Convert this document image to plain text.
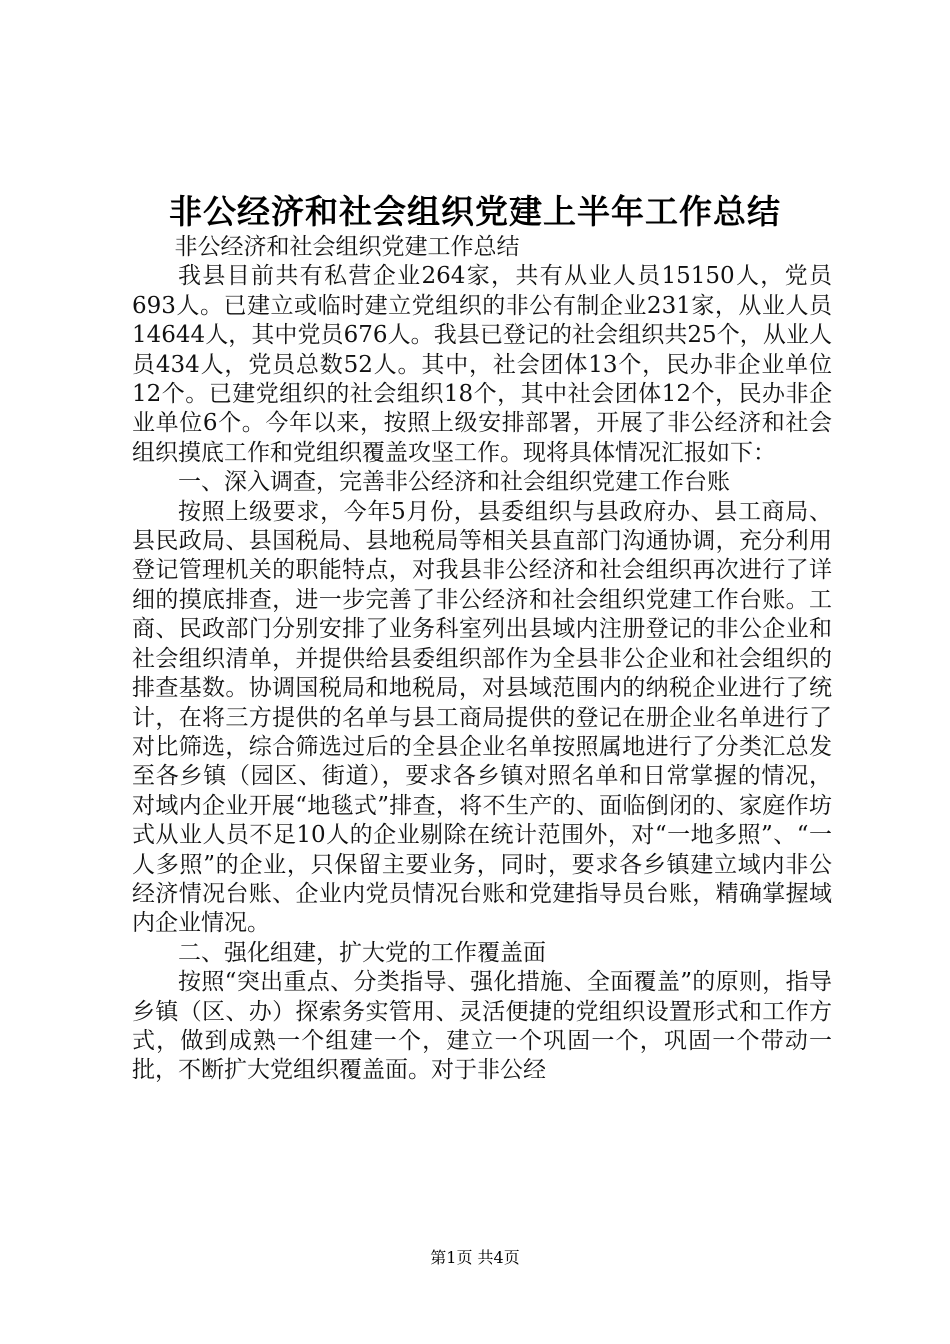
非公经济和社会组织党建上半年工作总结

非公经济和社会组织党建工作总结

我县目前共有私营企业264家，共有从业人员15150人，党员693人。已建立或临时建立党组织的非公有制企业231家，从业人员14644人，其中党员676人。我县已登记的社会组织共25个，从业人员434人，党员总数52人。其中，社会团体13个，民办非企业单位12个。已建党组织的社会组织18个，其中社会团体12个，民办非企业单位6个。今年以来，按照上级安排部署，开展了非公经济和社会组织摸底工作和党组织覆盖攻坚工作。现将具体情况汇报如下：

一、深入调查，完善非公经济和社会组织党建工作台账

按照上级要求，今年5月份，县委组织与县政府办、县工商局、县民政局、县国税局、县地税局等相关县直部门沟通协调，充分利用登记管理机关的职能特点，对我县非公经济和社会组织再次进行了详细的摸底排查，进一步完善了非公经济和社会组织党建工作台账。工商、民政部门分别安排了业务科室列出县域内注册登记的非公企业和社会组织清单，并提供给县委组织部作为全县非公企业和社会组织的排查基数。协调国税局和地税局，对县域范围内的纳税企业进行了统计，在将三方提供的名单与县工商局提供的登记在册企业名单进行了对比筛选，综合筛选过后的全县企业名单按照属地进行了分类汇总发至各乡镇（园区、街道），要求各乡镇对照名单和日常掌握的情况，对域内企业开展“地毯式”排查，将不生产的、面临倒闭的、家庭作坊式从业人员不足10人的企业剔除在统计范围外，对“一地多照”、“一人多照”的企业，只保留主要业务，同时，要求各乡镇建立域内非公经济情况台账、企业内党员情况台账和党建指导员台账，精确掌握域内企业情况。

二、强化组建，扩大党的工作覆盖面

按照“突出重点、分类指导、强化措施、全面覆盖”的原则，指导乡镇（区、办）探索务实管用、灵活便捷的党组织设置形式和工作方式，做到成熟一个组建一个，建立一个巩固一个，巩固一个带动一批，不断扩大党组织覆盖面。对于非公经

第1页 共4页
